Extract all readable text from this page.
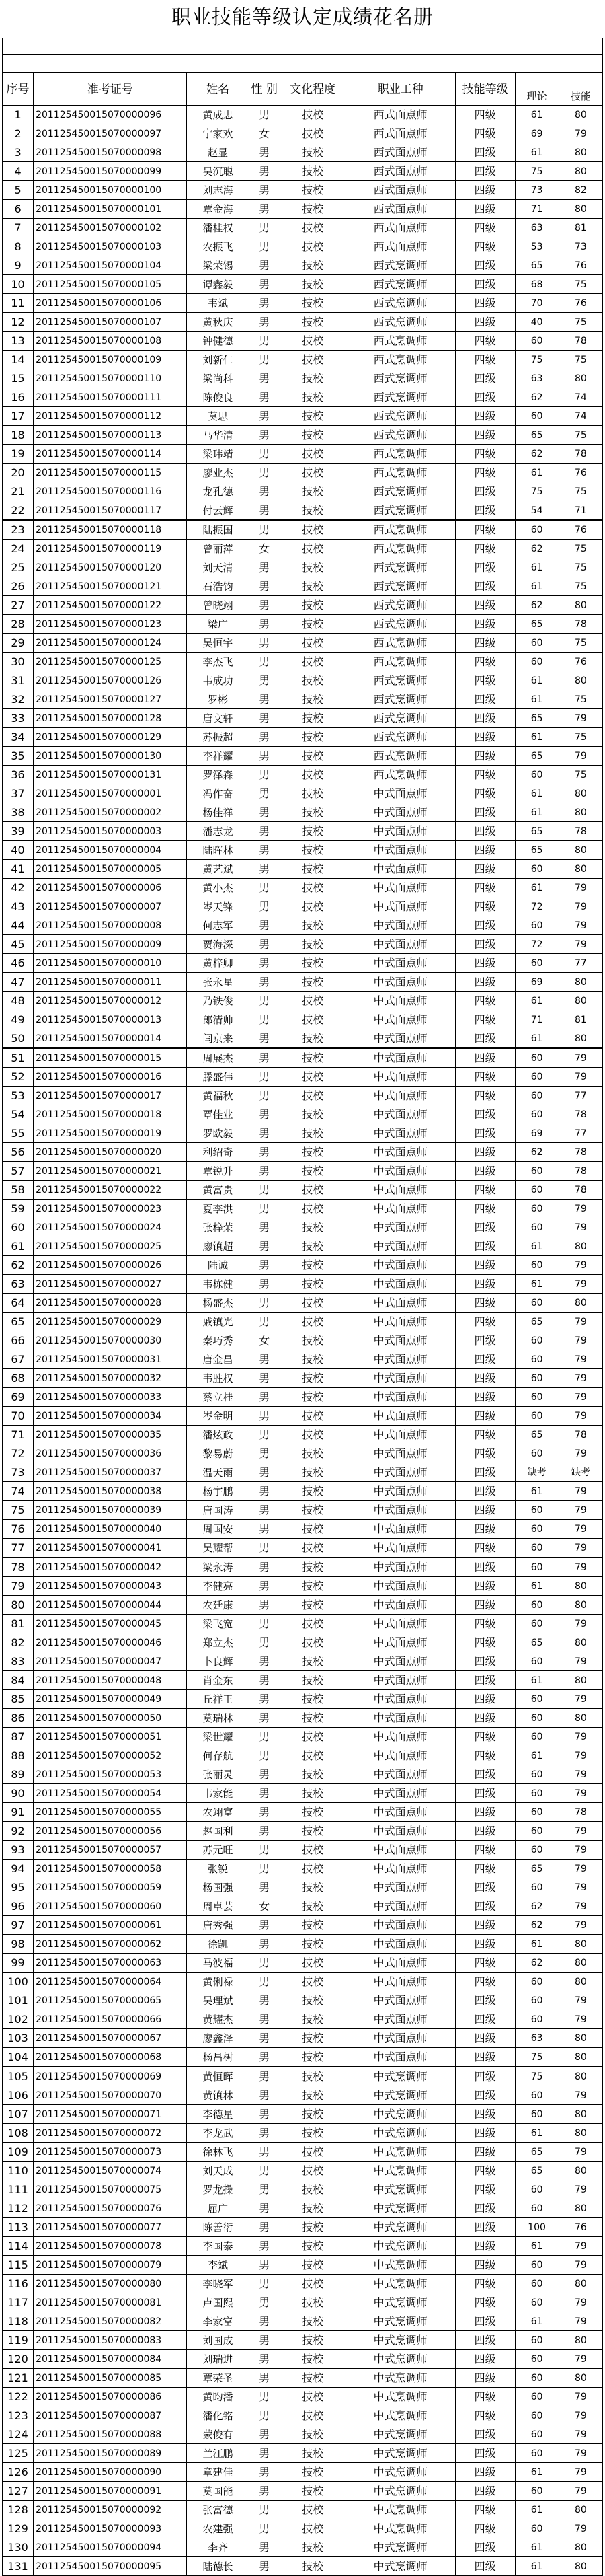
职业技能等级认定成绩花名册
序号	准考证号	姓名	性 别	文化程度	职业工种	技能等级		
							理论	技能
1	201125450015070000096	黄成忠	男	技校	西式面点师	四级	61	80
2	201125450015070000097	宁家欢	女	技校	西式面点师	四级	69	79
3	201125450015070000098	赵显	男	技校	西式面点师	四级	61	80
4	201125450015070000099	吴沉聪	男	技校	西式面点师	四级	75	80
5	201125450015070000100	刘志海	男	技校	西式面点师	四级	73	82
6	201125450015070000101	覃金海	男	技校	西式面点师	四级	71	80
7	201125450015070000102	潘桂权	男	技校	西式面点师	四级	63	81
8	201125450015070000103	农振飞	男	技校	西式面点师	四级	53	73
9	201125450015070000104	梁荣锡	男	技校	西式烹调师	四级	65	76
10	201125450015070000105	谭鑫毅	男	技校	西式烹调师	四级	68	75
11	201125450015070000106	韦斌	男	技校	西式烹调师	四级	70	76
12	201125450015070000107	黄秋庆	男	技校	西式烹调师	四级	40	75
13	201125450015070000108	钟健德	男	技校	西式烹调师	四级	60	78
14	201125450015070000109	刘新仁	男	技校	西式烹调师	四级	75	75
15	201125450015070000110	梁尚科	男	技校	西式烹调师	四级	63	80
16	201125450015070000111	陈俊良	男	技校	西式烹调师	四级	62	74
17	201125450015070000112	莫思	男	技校	西式烹调师	四级	60	74
18	201125450015070000113	马华清	男	技校	西式烹调师	四级	65	75
19	201125450015070000114	梁玮靖	男	技校	西式烹调师	四级	62	78
20	201125450015070000115	廖业杰	男	技校	西式烹调师	四级	61	76
21	201125450015070000116	龙孔德	男	技校	西式烹调师	四级	75	75
22	201125450015070000117	付云辉	男	技校	西式烹调师	四级	54	71
23	201125450015070000118	陆振国	男	技校	西式烹调师	四级	60	76
24	201125450015070000119	曾丽萍	女	技校	西式烹调师	四级	62	75
25	201125450015070000120	刘天清	男	技校	西式烹调师	四级	61	75
26	201125450015070000121	石浩钧	男	技校	西式烹调师	四级	61	75
27	201125450015070000122	曾晓翊	男	技校	西式烹调师	四级	62	80
28	201125450015070000123	梁广	男	技校	西式烹调师	四级	65	78
29	201125450015070000124	吴恒宇	男	技校	西式烹调师	四级	60	75
30	201125450015070000125	李杰飞	男	技校	西式烹调师	四级	60	76
31	201125450015070000126	韦成功	男	技校	西式烹调师	四级	61	80
32	201125450015070000127	罗彬	男	技校	西式烹调师	四级	61	75
33	201125450015070000128	唐文轩	男	技校	西式烹调师	四级	65	79
34	201125450015070000129	苏振超	男	技校	西式烹调师	四级	61	75
35	201125450015070000130	李祥耀	男	技校	西式烹调师	四级	65	79
36	201125450015070000131	罗泽森	男	技校	西式烹调师	四级	60	75
37	201125450015070000001	冯作奋	男	技校	中式面点师	四级	61	80
38	201125450015070000002	杨佳祥	男	技校	中式面点师	四级	61	80
39	201125450015070000003	潘志龙	男	技校	中式面点师	四级	65	78
40	201125450015070000004	陆晖林	男	技校	中式面点师	四级	65	80
41	201125450015070000005	黄艺斌	男	技校	中式面点师	四级	60	80
42	201125450015070000006	黄小杰	男	技校	中式面点师	四级	61	79
43	201125450015070000007	岑天锋	男	技校	中式面点师	四级	72	79
44	201125450015070000008	何志军	男	技校	中式面点师	四级	60	79
45	201125450015070000009	贾海深	男	技校	中式面点师	四级	72	79
46	201125450015070000010	黄梓卿	男	技校	中式面点师	四级	60	77
47	201125450015070000011	张永星	男	技校	中式面点师	四级	69	80
48	201125450015070000012	乃铁俊	男	技校	中式面点师	四级	61	80
49	201125450015070000013	郎清帅	男	技校	中式面点师	四级	71	81
50	201125450015070000014	闫京来	男	技校	中式面点师	四级	61	80
51	201125450015070000015	周展杰	男	技校	中式面点师	四级	60	79
52	201125450015070000016	滕盛伟	男	技校	中式面点师	四级	60	79
53	201125450015070000017	黄福秋	男	技校	中式面点师	四级	60	77
54	201125450015070000018	覃佳业	男	技校	中式面点师	四级	60	78
55	201125450015070000019	罗欧毅	男	技校	中式面点师	四级	69	77
56	201125450015070000020	利绍奇	男	技校	中式面点师	四级	62	78
57	201125450015070000021	覃锐升	男	技校	中式面点师	四级	60	78
58	201125450015070000022	黄富贵	男	技校	中式面点师	四级	60	78
59	201125450015070000023	夏李洪	男	技校	中式面点师	四级	60	79
60	201125450015070000024	张梓荣	男	技校	中式面点师	四级	60	79
61	201125450015070000025	廖镇超	男	技校	中式面点师	四级	61	80
62	201125450015070000026	陆诚	男	技校	中式面点师	四级	60	79
63	201125450015070000027	韦栋健	男	技校	中式面点师	四级	61	79
64	201125450015070000028	杨盛杰	男	技校	中式面点师	四级	60	80
65	201125450015070000029	戚镇光	男	技校	中式面点师	四级	65	79
66	201125450015070000030	秦巧秀	女	技校	中式面点师	四级	60	79
67	201125450015070000031	唐金昌	男	技校	中式面点师	四级	60	79
68	201125450015070000032	韦胜权	男	技校	中式面点师	四级	60	79
69	201125450015070000033	蔡立桂	男	技校	中式面点师	四级	60	79
70	201125450015070000034	岑金明	男	技校	中式面点师	四级	60	79
71	201125450015070000035	潘炫政	男	技校	中式面点师	四级	65	78
72	201125450015070000036	黎易蔚	男	技校	中式面点师	四级	60	79
73	201125450015070000037	温天雨	男	技校	中式面点师	四级	缺考	缺考
74	201125450015070000038	杨宇鹏	男	技校	中式面点师	四级	61	79
75	201125450015070000039	唐国涛	男	技校	中式面点师	四级	60	79
76	201125450015070000040	周国安	男	技校	中式面点师	四级	60	79
77	201125450015070000041	吴耀帮	男	技校	中式面点师	四级	60	79
78	201125450015070000042	梁永涛	男	技校	中式面点师	四级	60	79
79	201125450015070000043	李健亮	男	技校	中式面点师	四级	61	80
80	201125450015070000044	农廷康	男	技校	中式面点师	四级	60	80
81	201125450015070000045	梁飞宽	男	技校	中式面点师	四级	60	79
82	201125450015070000046	郑立杰	男	技校	中式面点师	四级	65	80
83	201125450015070000047	卜良辉	男	技校	中式面点师	四级	60	79
84	201125450015070000048	肖金东	男	技校	中式面点师	四级	61	80
85	201125450015070000049	丘祥王	男	技校	中式面点师	四级	60	79
86	201125450015070000050	莫瑞林	男	技校	中式面点师	四级	60	80
87	201125450015070000051	梁世耀	男	技校	中式面点师	四级	60	79
88	201125450015070000052	何存航	男	技校	中式面点师	四级	61	79
89	201125450015070000053	张丽灵	男	技校	中式面点师	四级	60	79
90	201125450015070000054	韦家能	男	技校	中式面点师	四级	60	79
91	201125450015070000055	农翊富	男	技校	中式面点师	四级	60	78
92	201125450015070000056	赵国利	男	技校	中式面点师	四级	60	79
93	201125450015070000057	苏元旺	男	技校	中式面点师	四级	60	79
94	201125450015070000058	张锐	男	技校	中式面点师	四级	65	79
95	201125450015070000059	杨国强	男	技校	中式面点师	四级	60	79
96	201125450015070000060	周卓芸	女	技校	中式面点师	四级	62	79
97	201125450015070000061	唐秀强	男	技校	中式面点师	四级	62	79
98	201125450015070000062	徐凯	男	技校	中式面点师	四级	61	80
99	201125450015070000063	马波福	男	技校	中式面点师	四级	62	80
100	201125450015070000064	黄俐禄	男	技校	中式面点师	四级	60	80
101	201125450015070000065	吴理斌	男	技校	中式面点师	四级	60	79
102	201125450015070000066	黄耀杰	男	技校	中式面点师	四级	60	79
103	201125450015070000067	廖鑫泽	男	技校	中式面点师	四级	63	80
104	201125450015070000068	杨昌树	男	技校	中式面点师	四级	75	80
105	201125450015070000069	黄恒晖	男	技校	中式烹调师	四级	75	80
106	201125450015070000070	黄镇林	男	技校	中式烹调师	四级	60	79
107	201125450015070000071	李德星	男	技校	中式烹调师	四级	60	80
108	201125450015070000072	李龙武	男	技校	中式烹调师	四级	61	80
109	201125450015070000073	徐林飞	男	技校	中式烹调师	四级	65	79
110	201125450015070000074	刘天成	男	技校	中式烹调师	四级	65	80
111	201125450015070000075	罗龙操	男	技校	中式烹调师	四级	60	79
112	201125450015070000076	屈广	男	技校	中式烹调师	四级	60	80
113	201125450015070000077	陈善衍	男	技校	中式烹调师	四级	100	76
114	201125450015070000078	李国泰	男	技校	中式烹调师	四级	61	79
115	201125450015070000079	李斌	男	技校	中式烹调师	四级	60	79
116	201125450015070000080	李晓军	男	技校	中式烹调师	四级	60	80
117	201125450015070000081	卢国熙	男	技校	中式烹调师	四级	60	79
118	201125450015070000082	李家富	男	技校	中式烹调师	四级	61	79
119	201125450015070000083	刘国成	男	技校	中式烹调师	四级	60	80
120	201125450015070000084	刘瑞进	男	技校	中式烹调师	四级	60	79
121	201125450015070000085	覃荣圣	男	技校	中式烹调师	四级	60	80
122	201125450015070000086	黄昀潘	男	技校	中式烹调师	四级	60	79
123	201125450015070000087	潘化铭	男	技校	中式烹调师	四级	60	79
124	201125450015070000088	蒙俊有	男	技校	中式烹调师	四级	60	79
125	201125450015070000089	兰江鹏	男	技校	中式烹调师	四级	60	79
126	201125450015070000090	章建佳	男	技校	中式烹调师	四级	61	79
127	201125450015070000091	莫国能	男	技校	中式烹调师	四级	60	79
128	201125450015070000092	张富德	男	技校	中式烹调师	四级	61	80
129	201125450015070000093	农建强	男	技校	中式烹调师	四级	60	79
130	201125450015070000094	李齐	男	技校	中式烹调师	四级	61	80
131	201125450015070000095	陆德长	男	技校	中式烹调师	四级	61	80
